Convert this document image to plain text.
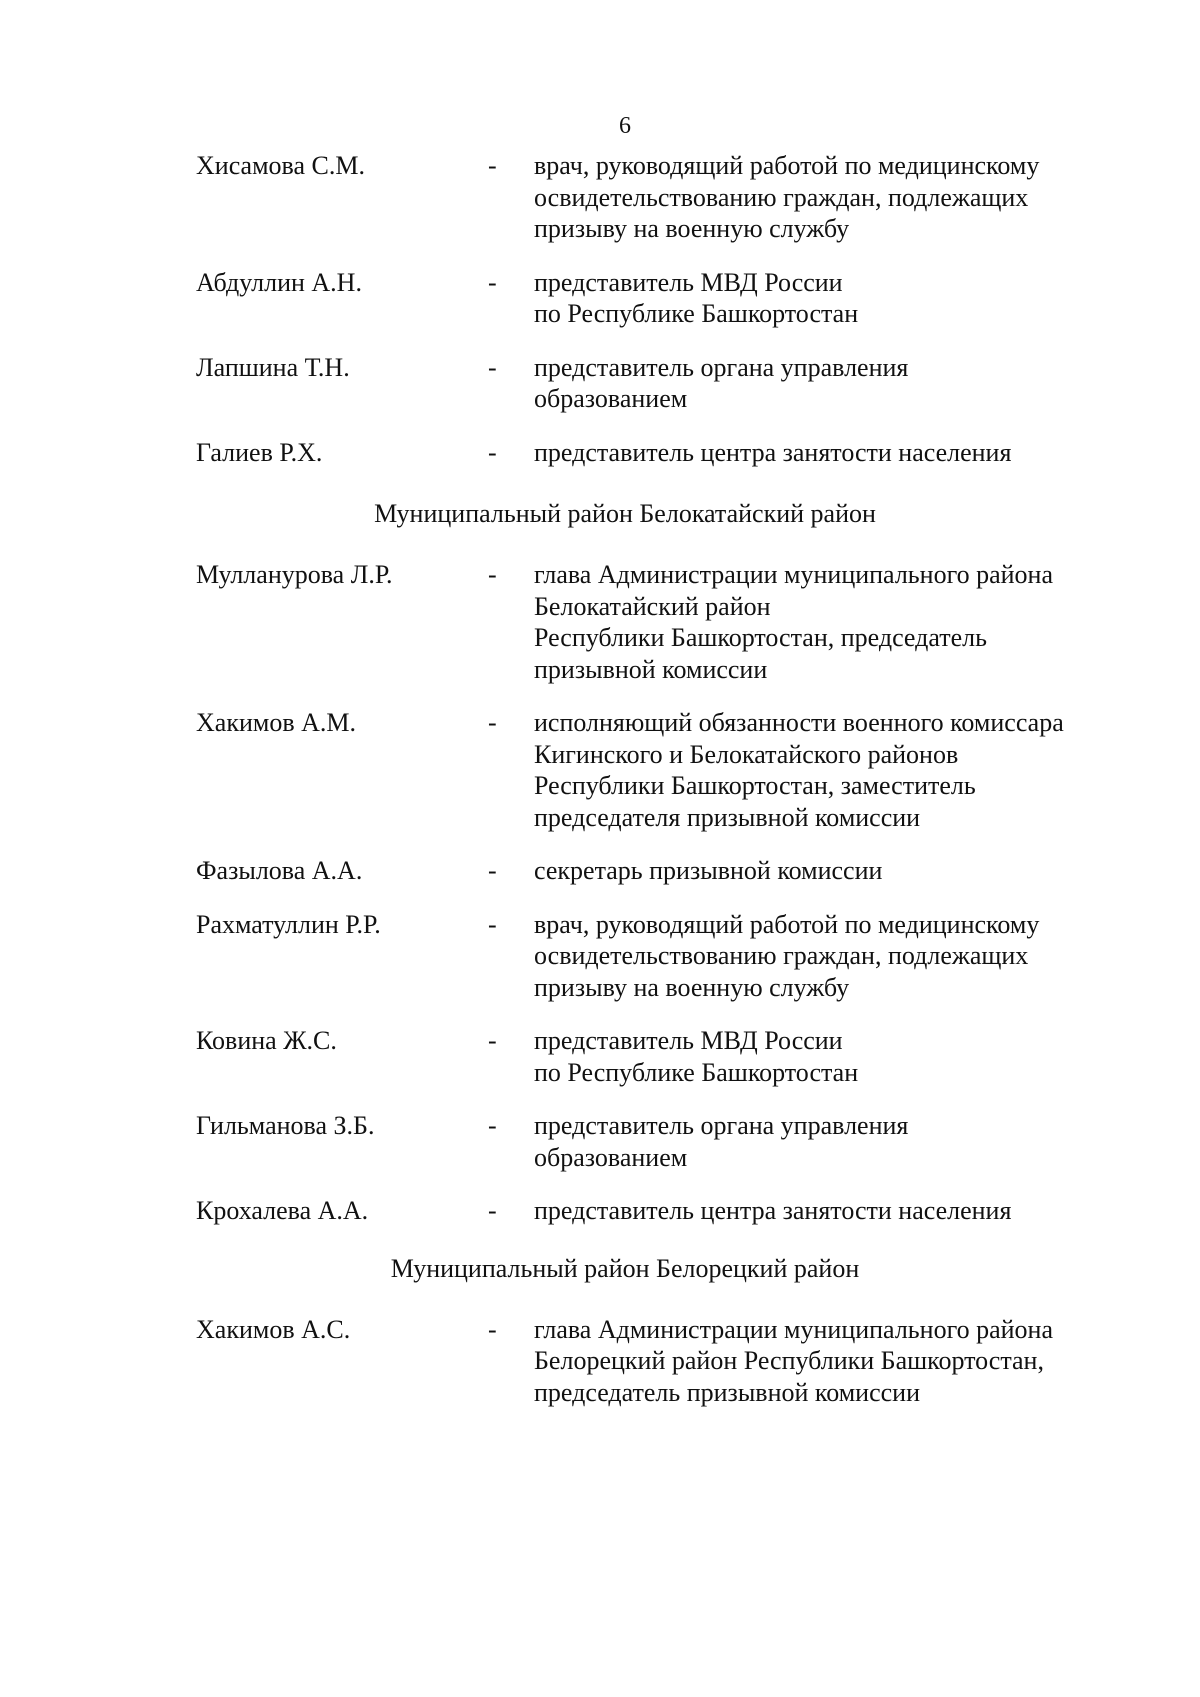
6
Хисамова С.М.	-	врач, руководящий работой по медицинскому
освидетельствованию граждан, подлежащих
призыву на военную службу
Абдуллин А.Н.	-	представитель МВД России
по Республике Башкортостан
Лапшина Т.Н.	-	представитель органа управления
образованием
Галиев Р.Х.	-	представитель центра занятости населения
Муниципальный район Белокатайский район
Мулланурова Л.Р.	-	глава Администрации муниципального района
Белокатайский район
Республики Башкортостан, председатель
призывной комиссии
Хакимов А.М.	-	исполняющий обязанности военного комиссара
Кигинского и Белокатайского районов
Республики Башкортостан, заместитель
председателя призывной комиссии
Фазылова А.А.	-	секретарь призывной комиссии
Рахматуллин Р.Р.	-	врач, руководящий работой по медицинскому
освидетельствованию граждан, подлежащих
призыву на военную службу
Ковина Ж.С.	-	представитель МВД России
по Республике Башкортостан
Гильманова З.Б.	-	представитель органа управления
образованием
Крохалева А.А.	-	представитель центра занятости населения
Муниципальный район Белорецкий район
Хакимов А.С.	-	глава Администрации муниципального района
Белорецкий район Республики Башкортостан,
председатель призывной комиссии
